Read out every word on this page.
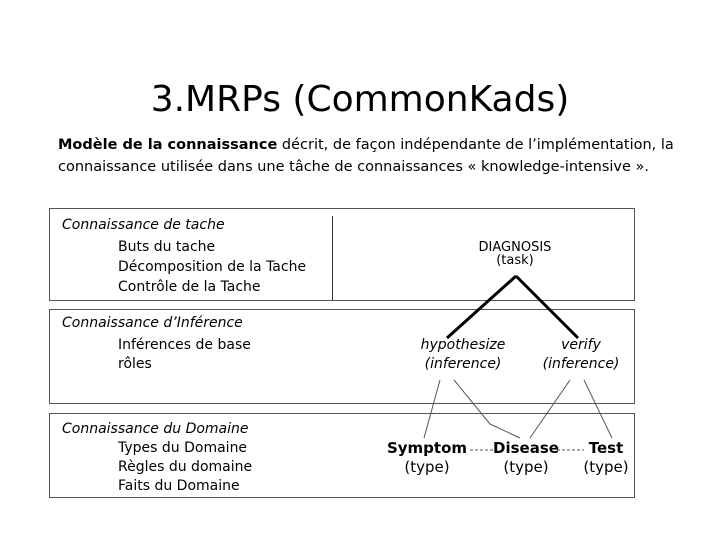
3.MRPs (CommonKads)
Modèle de la connaissance décrit, de façon indépendante de l’implémentation, la
connaissance utilisée dans une tâche de connaissances « knowledge-intensive ».
Connaissance de tache
Buts du tache
Décomposition de la Tache
Contrôle de la Tache
Connaissance d’Inférence
Inférences de base
rôles
Connaissance du Domaine
Types du Domaine
Règles du domaine
Faits du Domaine
DIAGNOSIS
(task)
hypothesize
(inference)
verify
(inference)
Symptom
(type)
Disease
(type)
Test
(type)
